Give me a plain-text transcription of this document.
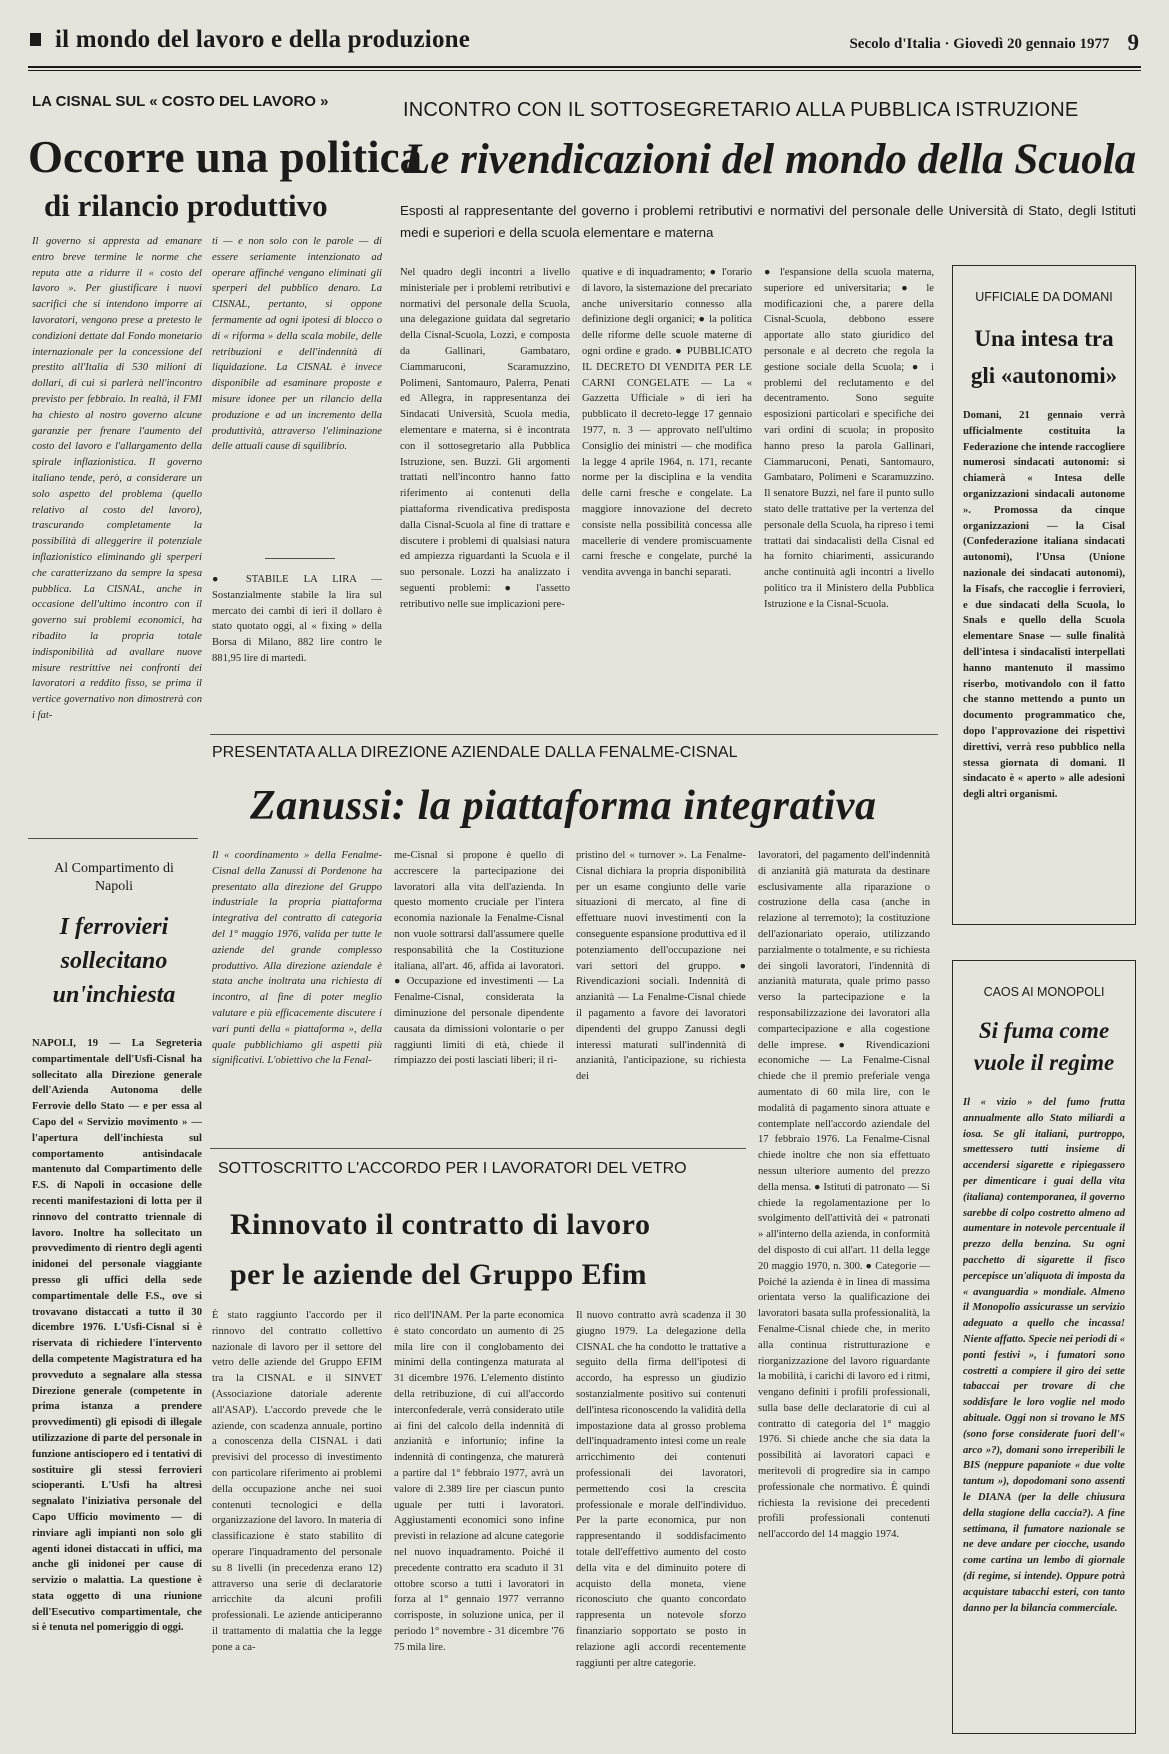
il mondo del lavoro e della produzione	Secolo d'Italia · Giovedì 20 gennaio 1977 9
LA CISNAL SUL « COSTO DEL LAVORO »
Occorre una politica
di rilancio produttivo
Il governo si appresta ad emanare entro breve termine le norme che reputa atte a ridurre il « costo del lavoro ». Per giustificare i nuovi sacrifici che si intendono imporre ai lavoratori, vengono prese a pretesto le condizioni dettate dal Fondo monetario internazionale per la concessione del prestito all'Italia di 530 milioni di dollari, di cui si parlerà nell'incontro previsto per febbraio. In realtà, il FMI ha chiesto al nostro governo alcune garanzie per frenare l'aumento del costo del lavoro e l'allargamento della spirale inflazionistica. Il governo italiano tende, però, a considerare un solo aspetto del problema (quello relativo al costo del lavoro), trascurando completamente la possibilità di alleggerire il potenziale inflazionistico eliminando gli sperperi che caratterizzano da sempre la spesa pubblica. La CISNAL, anche in occasione dell'ultimo incontro con il governo sui problemi economici, ha ribadito la propria totale indisponibilità ad avallare nuove misure restrittive nei confronti dei lavoratori a reddito fisso, se prima il vertice governativo non dimostrerà con i fat-
ti — e non solo con le parole — di essere seriamente intenzionato ad operare affinché vengano eliminati gli sperperi del pubblico denaro. La CISNAL, pertanto, si oppone fermamente ad ogni ipotesi di blocco o di « riforma » della scala mobile, delle retribuzioni e dell'indennità di liquidazione. La CISNAL è invece disponibile ad esaminare proposte e misure idonee per un rilancio della produzione e ad un incremento della produttività, attraverso l'eliminazione delle attuali cause di squilibrio.
● STABILE LA LIRA — Sostanzialmente stabile la lira sul mercato dei cambi di ieri il dollaro è stato quotato oggi, al « fixing » della Borsa di Milano, 882 lire contro le 881,95 lire di martedì.
INCONTRO CON IL SOTTOSEGRETARIO ALLA PUBBLICA ISTRUZIONE
Le rivendicazioni del mondo della Scuola
Esposti al rappresentante del governo i problemi retributivi e normativi del personale delle Università di Stato, degli Istituti medi e superiori e della scuola elementare e materna
Nel quadro degli incontri a livello ministeriale per i problemi retributivi e normativi del personale della Scuola, una delegazione guidata dal segretario della Cisnal-Scuola, Lozzi, e composta da Gallinari, Gambataro, Ciammaruconi, Scaramuzzino, Polimeni, Santomauro, Palerra, Penati ed Allegra, in rappresentanza dei Sindacati Università, Scuola media, elementare e materna, si è incontrata con il sottosegretario alla Pubblica Istruzione, sen. Buzzi. Gli argomenti trattati nell'incontro hanno fatto riferimento ai contenuti della piattaforma rivendicativa predisposta dalla Cisnal-Scuola al fine di trattare e discutere i problemi di qualsiasi natura ed ampiezza riguardanti la Scuola e il suo personale. Lozzi ha analizzato i seguenti problemi: ● l'assetto retributivo nelle sue implicazioni pere-
quative e di inquadramento; ● l'orario di lavoro, la sistemazione del precariato anche universitario connesso alla definizione degli organici; ● la politica delle riforme delle scuole materne di ogni ordine e grado. ● PUBBLICATO IL DECRETO DI VENDITA PER LE CARNI CONGELATE — La « Gazzetta Ufficiale » di ieri ha pubblicato il decreto-legge 17 gennaio 1977, n. 3 — approvato nell'ultimo Consiglio dei ministri — che modifica la legge 4 aprile 1964, n. 171, recante norme per la disciplina e la vendita delle carni fresche e congelate. La maggiore innovazione del decreto consiste nella possibilità concessa alle macellerie di vendere promiscuamente carni fresche e congelate, purché la vendita avvenga in banchi separati.
● l'espansione della scuola materna, superiore ed universitaria; ● le modificazioni che, a parere della Cisnal-Scuola, debbono essere apportate allo stato giuridico del personale e al decreto che regola la gestione sociale della Scuola; ● i problemi del reclutamento e del decentramento. Sono seguite esposizioni particolari e specifiche dei vari ordini di scuola; in proposito hanno preso la parola Gallinari, Ciammaruconi, Penati, Santomauro, Gambataro, Polimeni e Scaramuzzino. Il senatore Buzzi, nel fare il punto sullo stato delle trattative per la vertenza del personale della Scuola, ha ripreso i temi trattati dai sindacalisti della Cisnal ed ha fornito chiarimenti, assicurando anche continuità agli incontri a livello politico tra il Ministero della Pubblica Istruzione e la Cisnal-Scuola.
UFFICIALE DA DOMANI
Una intesa tra gli «autonomi»
Domani, 21 gennaio verrà ufficialmente costituita la Federazione che intende raccogliere numerosi sindacati autonomi: si chiamerà « Intesa delle organizzazioni sindacali autonome ». Promossa da cinque organizzazioni — la Cisal (Confederazione italiana sindacati autonomi), l'Unsa (Unione nazionale dei sindacati autonomi), la Fisafs, che raccoglie i ferrovieri, e due sindacati della Scuola, lo Snals e quello della Scuola elementare Snase — sulle finalità dell'intesa i sindacalisti interpellati hanno mantenuto il massimo riserbo, motivandolo con il fatto che stanno mettendo a punto un documento programmatico che, dopo l'approvazione dei rispettivi direttivi, verrà reso pubblico nella stessa giornata di domani. Il sindacato è « aperto » alle adesioni degli altri organismi.
PRESENTATA ALLA DIREZIONE AZIENDALE DALLA FENALME-CISNAL
Zanussi: la piattaforma integrativa
Il « coordinamento » della Fenalme-Cisnal della Zanussi di Pordenone ha presentato alla direzione del Gruppo industriale la propria piattaforma integrativa del contratto di categoria del 1° maggio 1976, valida per tutte le aziende del grande complesso produttivo. Alla direzione aziendale è stata anche inoltrata una richiesta di incontro, al fine di poter meglio valutare e più efficacemente discutere i vari punti della « piattaforma », della quale pubblichiamo gli aspetti più significativi. L'obiettivo che la Fenal-
me-Cisnal si propone è quello di accrescere la partecipazione dei lavoratori alla vita dell'azienda. In questo momento cruciale per l'intera economia nazionale la Fenalme-Cisnal non vuole sottrarsi dall'assumere quelle responsabilità che la Costituzione italiana, all'art. 46, affida ai lavoratori. ● Occupazione ed investimenti — La Fenalme-Cisnal, considerata la diminuzione del personale dipendente causata da dimissioni volontarie o per raggiunti limiti di età, chiede il rimpiazzo dei posti lasciati liberi; il ri-
pristino del « turnover ». La Fenalme-Cisnal dichiara la propria disponibilità per un esame congiunto delle varie situazioni di mercato, al fine di effettuare nuovi investimenti con la conseguente espansione produttiva ed il potenziamento dell'occupazione nei vari settori del gruppo. ● Rivendicazioni sociali. Indennità di anzianità — La Fenalme-Cisnal chiede il pagamento a favore dei lavoratori dipendenti del gruppo Zanussi degli interessi maturati sull'indennità di anzianità, l'anticipazione, su richiesta dei
lavoratori, del pagamento dell'indennità di anzianità già maturata da destinare esclusivamente alla riparazione o costruzione della casa (anche in relazione al terremoto); la costituzione dell'azionariato operaio, utilizzando parzialmente o totalmente, e su richiesta dei singoli lavoratori, l'indennità di anzianità maturata, quale primo passo verso la partecipazione e la responsabilizzazione dei lavoratori alla compartecipazione e alla cogestione delle imprese. ● Rivendicazioni economiche — La Fenalme-Cisnal chiede che il premio preferiale venga aumentato di 60 mila lire, con le modalità di pagamento sinora attuate e contemplate nell'accordo aziendale del 17 febbraio 1976. La Fenalme-Cisnal chiede inoltre che non sia effettuato nessun ulteriore aumento del prezzo della mensa. ● Istituti di patronato — Si chiede la regolamentazione per lo svolgimento dell'attività dei « patronati » all'interno della azienda, in conformità del disposto di cui all'art. 11 della legge 20 maggio 1970, n. 300. ● Categorie — Poiché la azienda è in linea di massima orientata verso la qualificazione dei lavoratori basata sulla professionalità, la Fenalme-Cisnal chiede che, in merito alla continua ristrutturazione e riorganizzazione del lavoro riguardante la mobilità, i carichi di lavoro ed i ritmi, vengano definiti i profili professionali, sulla base delle declaratorie di cui al contratto di categoria del 1° maggio 1976. Si chiede anche che sia data la possibilità ai lavoratori capaci e meritevoli di progredire sia in campo professionale che normativo. È quindi richiesta la revisione dei precedenti profili professionali contenuti nell'accordo del 14 maggio 1974.
Al Compartimento di Napoli
I ferrovieri sollecitano un'inchiesta
NAPOLI, 19 — La Segreteria compartimentale dell'Usfi-Cisnal ha sollecitato alla Direzione generale dell'Azienda Autonoma delle Ferrovie dello Stato — e per essa al Capo del « Servizio movimento » — l'apertura dell'inchiesta sul comportamento antisindacale mantenuto dal Compartimento delle F.S. di Napoli in occasione delle recenti manifestazioni di lotta per il rinnovo del contratto triennale di lavoro. Inoltre ha sollecitato un provvedimento di rientro degli agenti inidonei del personale viaggiante presso gli uffici della sede compartimentale delle F.S., ove si trovavano distaccati a tutto il 30 dicembre 1976. L'Usfi-Cisnal si è riservata di richiedere l'intervento della competente Magistratura ed ha provveduto a segnalare alla stessa Direzione generale (competente in prima istanza a prendere provvedimenti) gli episodi di illegale utilizzazione di parte del personale in funzione antisciopero ed i tentativi di sostituire gli stessi ferrovieri scioperanti. L'Usfi ha altresì segnalato l'iniziativa personale del Capo Ufficio movimento — di rinviare agli impianti non solo gli agenti idonei distaccati in uffici, ma anche gli inidonei per cause di servizio o malattia. La questione è stata oggetto di una riunione dell'Esecutivo compartimentale, che si è tenuta nel pomeriggio di oggi.
CAOS AI MONOPOLI
Si fuma come vuole il regime
Il « vizio » del fumo frutta annualmente allo Stato miliardi a iosa. Se gli italiani, purtroppo, smettessero tutti insieme di accendersi sigarette e ripiegassero per dimenticare i guai della vita (italiana) contemporanea, il governo sarebbe di colpo costretto almeno ad aumentare in notevole percentuale il prezzo della benzina. Su ogni pacchetto di sigarette il fisco percepisce un'aliquota di imposta da « avanguardia » mondiale. Almeno il Monopolio assicurasse un servizio adeguato a quello che incassa! Niente affatto. Specie nei periodi di « ponti festivi », i fumatori sono costretti a compiere il giro dei sette tabaccai per trovare di che soddisfare le loro voglie nel modo abituale. Oggi non si trovano le MS (sono forse considerate fuori dell'« arco »?), domani sono irreperibili le BIS (neppure papaniote « due volte tantum »), dopodomani sono assenti le DIANA (per la delle chiusura della stagione della caccia?). A fine settimana, il fumatore nazionale se ne deve andare per ciocche, usando come cartina un lembo di giornale (di regime, si intende). Oppure potrà acquistare tabacchi esteri, con tanto danno per la bilancia commerciale.
SOTTOSCRITTO L'ACCORDO PER I LAVORATORI DEL VETRO
Rinnovato il contratto di lavoro
per le aziende del Gruppo Efim
È stato raggiunto l'accordo per il rinnovo del contratto collettivo nazionale di lavoro per il settore del vetro delle aziende del Gruppo EFIM tra la CISNAL e il SINVET (Associazione datoriale aderente all'ASAP). L'accordo prevede che le aziende, con scadenza annuale, portino a conoscenza della CISNAL i dati previsivi del processo di investimento con particolare riferimento ai problemi della occupazione anche nei suoi contenuti tecnologici e della organizzazione del lavoro. In materia di classificazione è stato stabilito di operare l'inquadramento del personale su 8 livelli (in precedenza erano 12) attraverso una serie di declaratorie arricchite da alcuni profili professionali. Le aziende anticiperanno il trattamento di malattia che la legge pone a ca-
rico dell'INAM. Per la parte economica è stato concordato un aumento di 25 mila lire con il conglobamento dei minimi della contingenza maturata al 31 dicembre 1976. L'elemento distinto della retribuzione, di cui all'accordo interconfederale, verrà considerato utile ai fini del calcolo della indennità di anzianità e infortunio; infine la indennità di contingenza, che maturerà a partire dal 1° febbraio 1977, avrà un valore di 2.389 lire per ciascun punto uguale per tutti i lavoratori. Aggiustamenti economici sono infine previsti in relazione ad alcune categorie nel nuovo inquadramento. Poiché il precedente contratto era scaduto il 31 ottobre scorso a tutti i lavoratori in forza al 1° gennaio 1977 verranno corrisposte, in soluzione unica, per il periodo 1° novembre - 31 dicembre '76 75 mila lire.
Il nuovo contratto avrà scadenza il 30 giugno 1979. La delegazione della CISNAL che ha condotto le trattative a seguito della firma dell'ipotesi di accordo, ha espresso un giudizio sostanzialmente positivo sui contenuti dell'intesa riconoscendo la validità della impostazione data al grosso problema dell'inquadramento intesi come un reale arricchimento dei contenuti professionali dei lavoratori, permettendo così la crescita professionale e morale dell'individuo. Per la parte economica, pur non rappresentando il soddisfacimento totale dell'effettivo aumento del costo della vita e del diminuito potere di acquisto della moneta, viene riconosciuto che quanto concordato rappresenta un notevole sforzo finanziario sopportato se posto in relazione agli accordi recentemente raggiunti per altre categorie.
